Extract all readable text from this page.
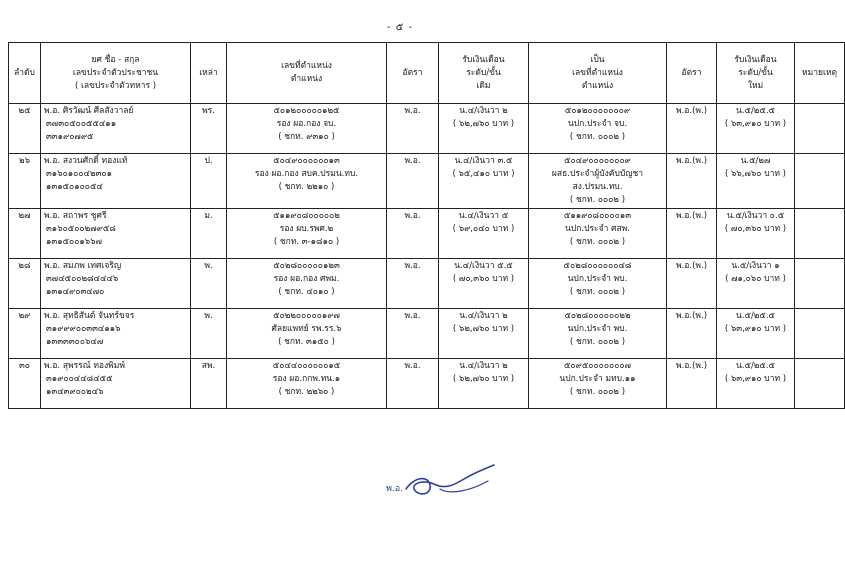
- ๕ -
ลำดับ	ยศ ชื่อ - สกุล
เลขประจำตัวประชาชน
( เลขประจำตัวทหาร )	เหล่า	เลขที่ตำแหน่ง
ตำแหน่ง	อัตรา	รับเงินเดือน
ระดับ/ขั้น
เดิม	เป็น
เลขที่ตำแหน่ง
ตำแหน่ง	อัตรา	รับเงินเดือน
ระดับ/ขั้น
ใหม่	หมายเหตุ
๒๕	พ.อ. ศิรวัฒน์ ศีลสังวาลย์
๓๗๓๐๕๐๐๕๕๔๑๑
๓๓๑๙๐๗๙๕	พร.	๕๐๑๒๐๐๐๐๐๑๒๕
รอง ผอ.กอง จบ.
( ชกท. ๙๓๑๐ )	พ.อ.	น.๔/เงินวา ๒
( ๖๒,๗๖๐ บาท )	๕๐๑๒๐๐๐๐๐๐๐๙
นปก.ประจำ จบ.
( ชกท. ๐๐๐๒ )	พ.อ.(พ.)	น.๕/๒๕.๕
( ๖๓,๙๑๐ บาท )	

๒๖	พ.อ. สงวนศักดิ์ ทองแท้
๓๑๖๐๑๐๐๔๒๓๐๑
๑๓๑๕๐๑๐๐๕๔	ป.	๕๐๔๙๐๐๐๐๐๐๑๓
รอง ผอ.กอง สบค.ปรมน.ทบ.
( ชกท. ๒๒๑๐ )	พ.อ.	น.๔/เงินวา ๓.๕
( ๖๕,๔๑๐ บาท )	๕๐๔๙๐๐๐๐๐๐๐๙
ผสธ.ประจำผู้บังคับบัญชา
สง.ปรมน.ทบ.
( ชกท. ๐๐๐๒ )	พ.อ.(พ.)	น.๕/๒๗
( ๖๖,๗๖๐ บาท )	

๒๗	พ.อ. สถาพร ชูศรี
๓๑๖๐๕๐๐๒๗๙๕๘
๑๓๑๕๐๐๑๖๖๗	ม.	๕๑๑๙๐๘๐๐๐๐๐๒
รอง ผบ.รพศ.๒
( ชกท. ๓-๑๘๑๐ )	พ.อ.	น.๔/เงินวา ๕
( ๖๙,๐๔๐ บาท )	๕๑๑๙๐๘๐๐๐๐๑๓
นปก.ประจำ ศสพ.
( ชกท. ๐๐๐๒ )	พ.อ.(พ.)	น.๕/เงินวา ๐.๕
( ๗๐,๓๖๐ บาท )	

๒๘	พ.อ. สมภพ เทศเจริญ
๓๗๔๕๐๐๒๘๔๔๔๖
๑๓๑๔๙๐๓๔๗๐	พ.	๕๐๒๘๐๐๐๐๐๑๒๓
รอง ผอ.กอง ศพม.
( ชกท. ๔๐๑๐ )	พ.อ.	น.๔/เงินวา ๕.๕
( ๗๐,๓๖๐ บาท )	๕๐๒๘๐๐๐๐๐๐๔๘
นปก.ประจำ พบ.
( ชกท. ๐๐๐๒ )	พ.อ.(พ.)	น.๕/เงินวา ๑
( ๗๑,๐๖๐ บาท )	

๒๙	พ.อ. สุทธิสันต์ จันทร์ขจร
๓๑๙๙๙๐๐๓๓๔๑๑๖
๑๓๓๓๓๐๐๖๔๗	พ.	๕๐๒๒๐๐๐๐๐๑๙๗
ศัลยแพทย์ รพ.รร.๖
( ชกท. ๓๑๕๐ )	พ.อ.	น.๔/เงินวา ๒
( ๖๒,๗๖๐ บาท )	๕๐๒๘๐๐๐๐๐๐๒๒
นปก.ประจำ พบ.
( ชกท. ๐๐๐๒ )	พ.อ.(พ.)	น.๕/๒๕.๕
( ๖๓,๙๑๐ บาท )	

๓๐	พ.อ. สุพรรณ์ ทองพิมพ์
๓๑๙๐๐๔๔๘๔๕๕
๑๓๔๓๙๐๐๒๔๖	สพ.	๕๐๔๔๐๐๐๐๐๐๑๕
รอง ผอ.กกพ.ทน.๑
( ชกท. ๒๒๖๐ )	พ.อ.	น.๔/เงินวา ๒
( ๖๒,๗๖๐ บาท )	๕๐๙๕๐๐๐๐๐๐๐๗
นปก.ประจำ มทบ.๑๑
( ชกท. ๐๐๐๒ )	พ.อ.(พ.)	น.๕/๒๕.๕
( ๖๓,๙๑๐ บาท )	

พ.อ.
